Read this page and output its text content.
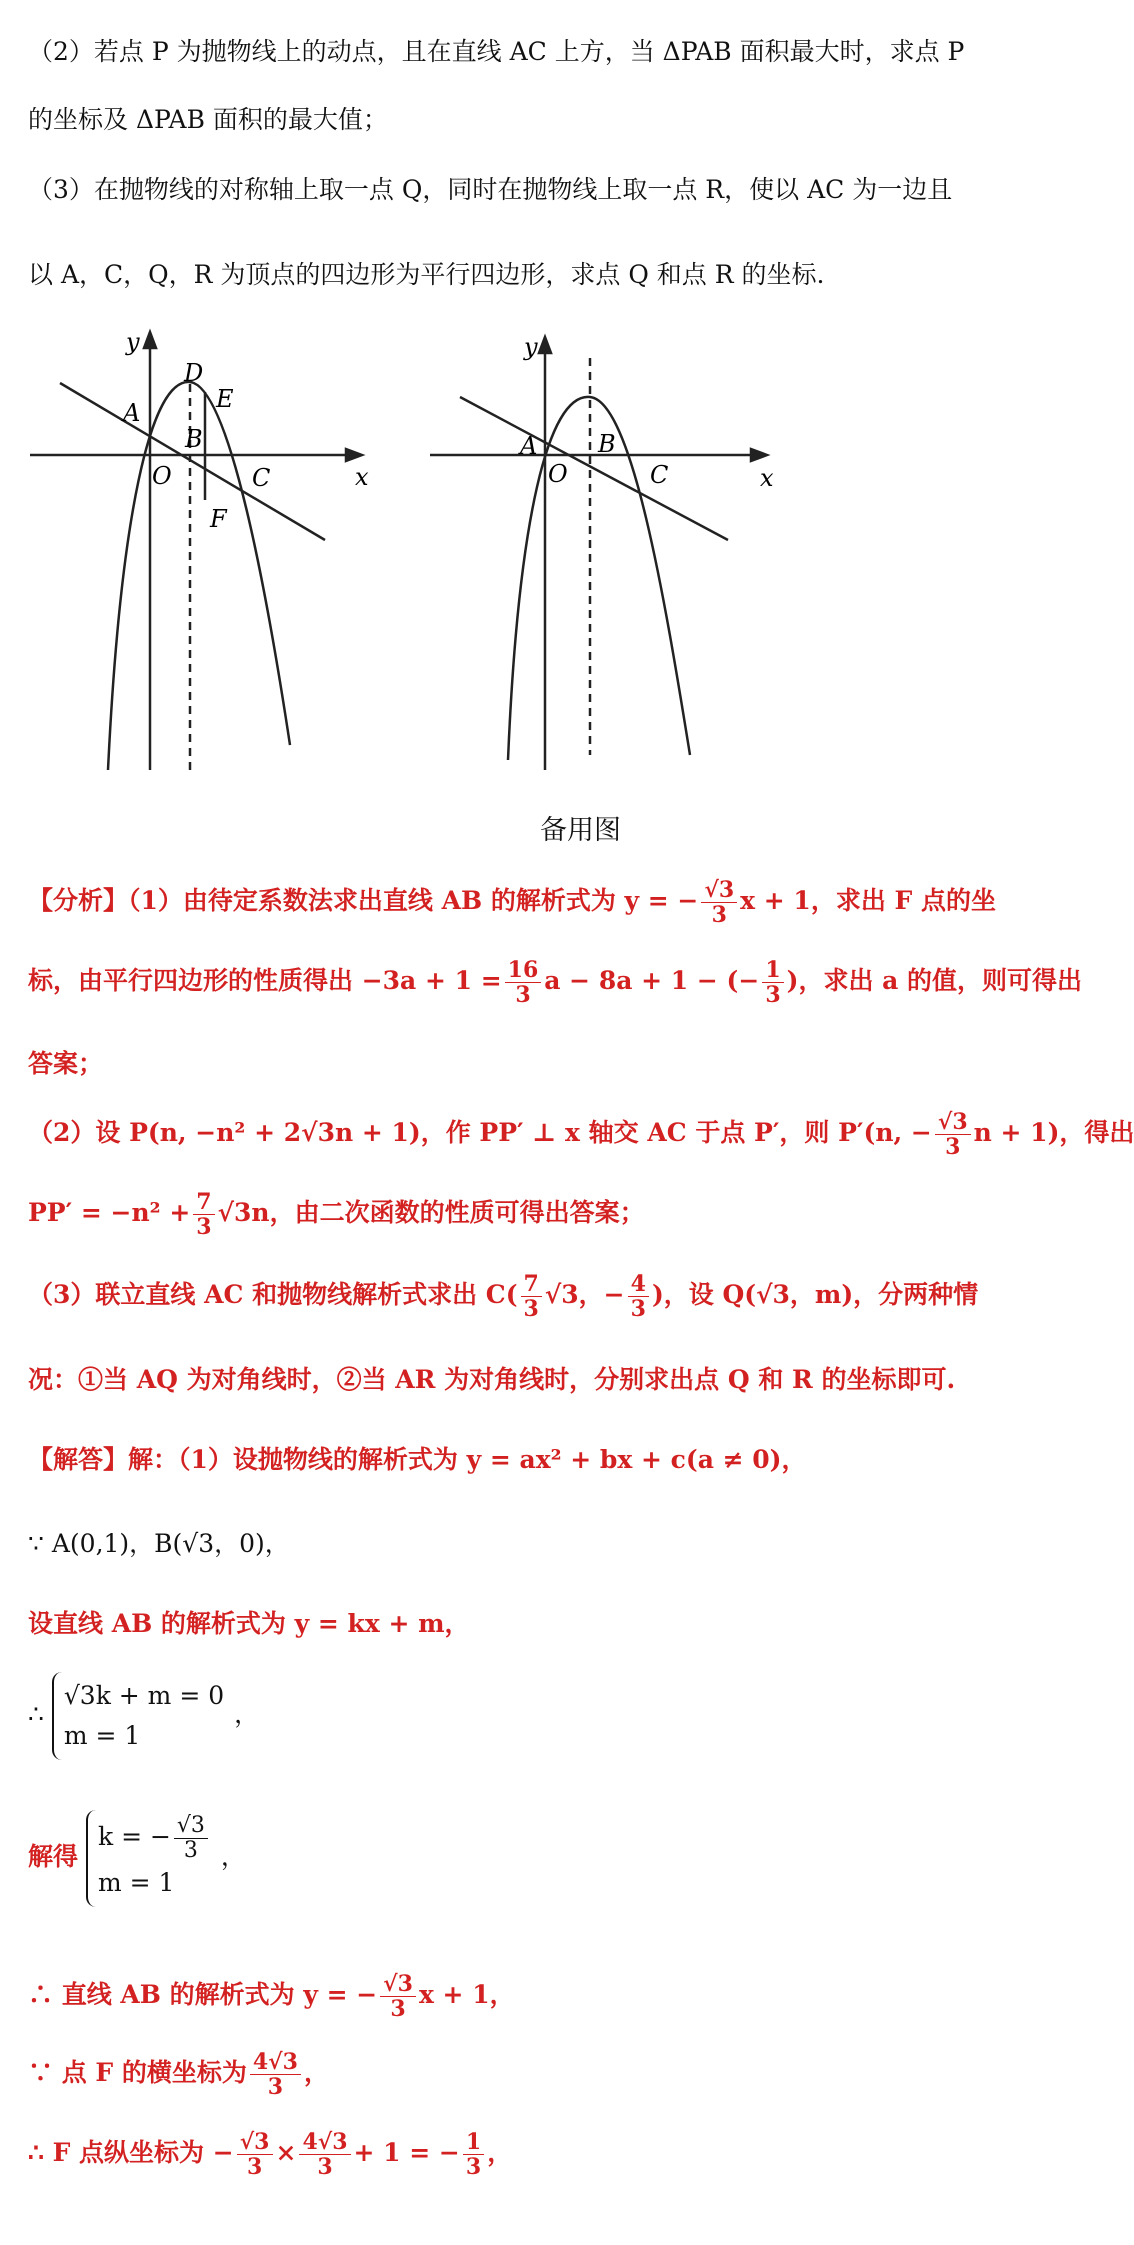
（2）若点 P 为抛物线上的动点，且在直线 AC 上方，当 ΔPAB 面积最大时，求点 P
的坐标及 ΔPAB 面积的最大值；
（3）在抛物线的对称轴上取一点 Q，同时在抛物线上取一点 R，使以 AC 为一边且
以 A，C，Q，R 为顶点的四边形为平行四边形，求点 Q 和点 R 的坐标.
y
x
O
A
B
C
D
E
F
y
x
O
A	B
C
备用图
【分析】（1）由待定系数法求出直线 AB 的解析式为 y = − $\frac{√3}{3}$ x + 1，求出 F 点的坐
标，由平行四边形的性质得出 $-3a + 1 = \frac{16}{3}$ a − 8a + 1 − (− $\frac{1}{3}$ )，求出 a 的值，则可得出
答案；
（2）设 P(n, −n² + 2√3n + 1)，作 PP′ ⊥ x 轴交 AC 于点 P′，则 P′(n, − $\frac{√3}{3}$ n + 1)，得出
$PP' = -n^2 + \frac{7}{3} √3n$，由二次函数的性质可得出答案；
（3）联立直线 AC 和抛物线解析式求出 $C( \frac{7}{3} √3$，− $\frac{4}{3}$ )，设 Q(√3，m)，分两种情
况：①当 AQ 为对角线时，②当 AR 为对角线时，分别求出点 Q 和 R 的坐标即可.
【解答】解：（1）设抛物线的解析式为 y = ax² + bx + c(a ≠ 0)，
∵ A(0,1)，B(√3，0)，
设直线 AB 的解析式为 y = kx + m，
∴
√3k + m = 0
m = 1
，
解得
k = − $\frac{√3}{3}$
m = 1
，
∴ 直线 AB 的解析式为 y = − $\frac{√3}{3}$ x + 1，
∵ 点 F 的横坐标为 $\frac{4√3}{3}$ ，
∴ F 点纵坐标为 − $\frac{√3}{3} \times \frac{4√3}{3} + 1$ = − $\frac{1}{3}$ ，
